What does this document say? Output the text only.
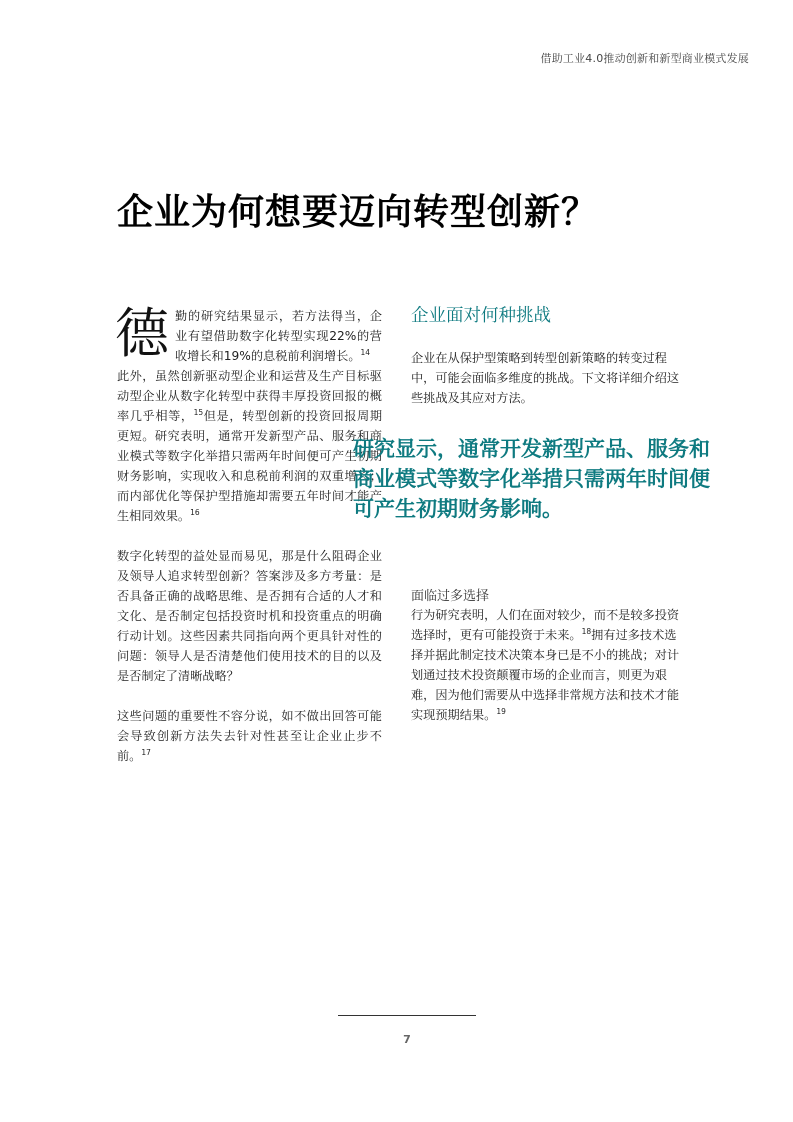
借助工业4.0推动创新和新型商业模式发展
企业为何想要迈向转型创新？

德勤的研究结果显示，若方法得当，企业有望借助数字化转型实现22%的营收增长和19%的息税前利润增长。$^{14}$
此外，虽然创新驱动型企业和运营及生产目标驱动型企业从数字化转型中获得丰厚投资回报的概率几乎相等，$^{15}$但是，转型创新的投资回报周期更短。研究表明，通常开发新型产品、服务和商业模式等数字化举措只需两年时间便可产生初期财务影响，实现收入和息税前利润的双重增长；而内部优化等保护型措施却需要五年时间才能产生相同效果。$^{16}$

数字化转型的益处显而易见，那是什么阻碍企业及领导人追求转型创新？答案涉及多方考量：是否具备正确的战略思维、是否拥有合适的人才和文化、是否制定包括投资时机和投资重点的明确行动计划。这些因素共同指向两个更具针对性的问题：领导人是否清楚他们使用技术的目的以及是否制定了清晰战略？

这些问题的重要性不容分说，如不做出回答可能会导致创新方法失去针对性甚至让企业止步不前。$^{17}$

企业面对何种挑战

企业在从保护型策略到转型创新策略的转变过程中，可能会面临多维度的挑战。下文将详细介绍这些挑战及其应对方法。

研究显示，通常开发新型产品、服务和商业模式等数字化举措只需两年时间便可产生初期财务影响。
面临过多选择

行为研究表明，人们在面对较少，而不是较多投资选择时，更有可能投资于未来。$^{18}$拥有过多技术选择并据此制定技术决策本身已是不小的挑战；对计划通过技术投资颠覆市场的企业而言，则更为艰难，因为他们需要从中选择非常规方法和技术才能实现预期结果。$^{19}$

7
